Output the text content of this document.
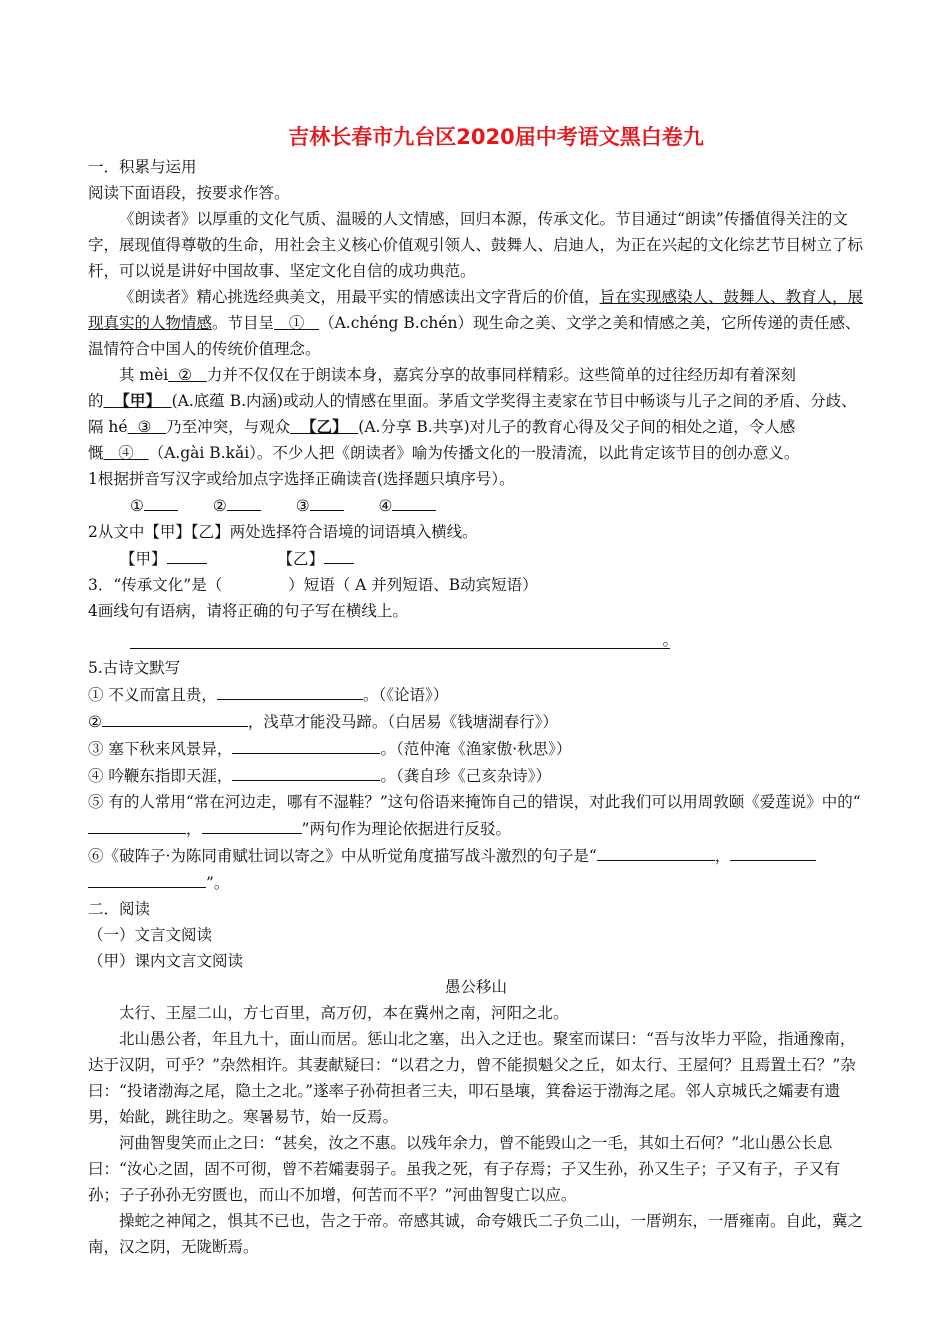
吉林长春市九台区2020届中考语文黑白卷九

一．积累与运用

阅读下面语段，按要求作答。

《朗读者》以厚重的文化气质、温暖的人文情感，回归本源，传承文化。节目通过“朗读”传播值得关注的文字，展现值得尊敬的生命，用社会主义核心价值观引领人、鼓舞人、启迪人，为正在兴起的文化综艺节目树立了标杆，可以说是讲好中国故事、坚定文化自信的成功典范。

《朗读者》精心挑选经典美文，用最平实的情感读出文字背后的价值，旨在实现感染人、鼓舞人、教育人，展现真实的人物情感。节目呈 ① （A.chéng B.chén）现生命之美、文学之美和情感之美，它所传递的责任感、温情符合中国人的传统价值理念。

其 mèi ② 力并不仅仅在于朗读本身，嘉宾分享的故事同样精彩。这些简单的过往经历却有着深刻的 【甲】 (A.底蕴 B.内涵)或动人的情感在里面。茅盾文学奖得主麦家在节目中畅谈与儿子之间的矛盾、分歧、隔 hé ③ 乃至冲突，与观众 【乙】 (A.分享 B.共享)对儿子的教育心得及父子间的相处之道，令人感慨 ④ （A.gài B.kǎi）。不少人把《朗读者》喻为传播文化的一股清流，以此肯定该节目的创办意义。

1根据拼音写汉字或给加点字选择正确读音(选择题只填序号）。

①	②	③	④

2从文中【甲】【乙】两处选择符合语境的词语填入横线。

【甲】	【乙】

3．“传承文化”是（	）短语（ A 并列短语、B动宾短语）

4画线句有语病，请将正确的句子写在横线上。

。

5.古诗文默写

① 不义而富且贵，	。（《论语》）

②	，浅草才能没马蹄。（白居易《钱塘湖春行》）

③ 塞下秋来风景异，	。（范仲淹《渔家傲·秋思》）

④ 吟鞭东指即天涯，	。（龚自珍《己亥杂诗》）

⑤ 有的人常用“常在河边走，哪有不湿鞋？”这句俗语来掩饰自己的错误，对此我们可以用周敦颐《爱莲说》中的“，	”两句作为理论依据进行反驳。

⑥《破阵子·为陈同甫赋壮词以寄之》中从听觉角度描写战斗激烈的句子是“	，”。

二．阅读

（一）文言文阅读

（甲）课内文言文阅读

愚公移山

太行、王屋二山，方七百里，高万仞，本在冀州之南，河阳之北。

北山愚公者，年且九十，面山而居。惩山北之塞，出入之迂也。聚室而谋曰：“吾与汝毕力平险，指通豫南，达于汉阴，可乎？”杂然相许。其妻献疑曰：“以君之力，曾不能损魁父之丘，如太行、王屋何？且焉置土石？”杂曰：“投诸渤海之尾，隐土之北。”遂率子孙荷担者三夫，叩石垦壤，箕畚运于渤海之尾。邻人京城氏之孀妻有遗男，始龀，跳往助之。寒暑易节，始一反焉。

河曲智叟笑而止之曰：“甚矣，汝之不惠。以残年余力，曾不能毁山之一毛，其如土石何？”北山愚公长息曰：“汝心之固，固不可彻，曾不若孀妻弱子。虽我之死，有子存焉；子又生孙，孙又生子；子又有子，子又有孙；子子孙孙无穷匮也，而山不加增，何苦而不平？”河曲智叟亡以应。

操蛇之神闻之，惧其不已也，告之于帝。帝感其诚，命夸娥氏二子负二山，一厝朔东，一厝雍南。自此，冀之南，汉之阴，无陇断焉。
